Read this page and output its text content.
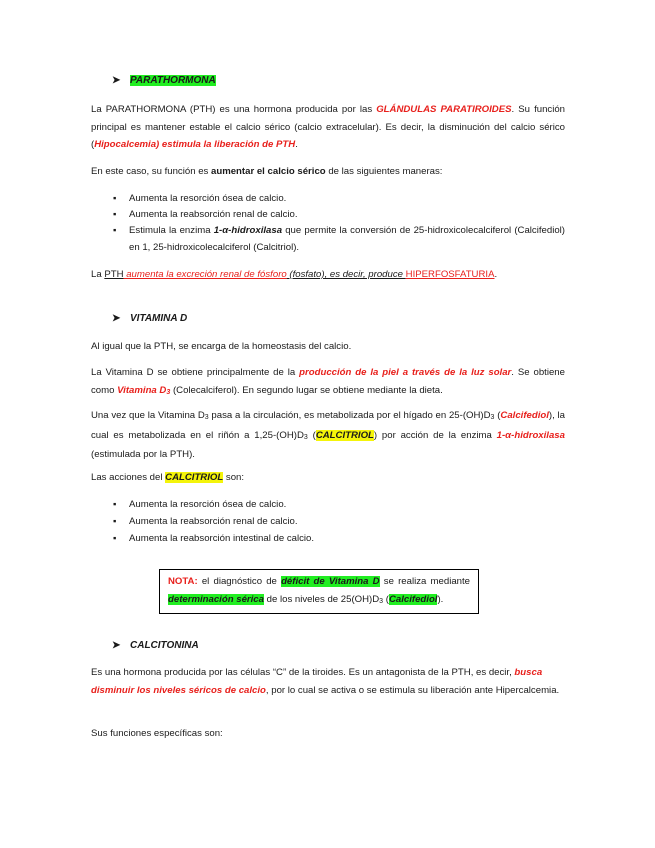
➤ PARATHORMONA
La PARATHORMONA (PTH) es una hormona producida por las GLÁNDULAS PARATIROIDES. Su función principal es mantener estable el calcio sérico (calcio extracelular). Es decir, la disminución del calcio sérico (Hipocalcemia) estimula la liberación de PTH.
En este caso, su función es aumentar el calcio sérico de las siguientes maneras:
▪ Aumenta la resorción ósea de calcio.
▪ Aumenta la reabsorción renal de calcio.
▪ Estimula la enzima 1-α-hidroxilasa que permite la conversión de 25-hidroxicolecalciferol (Calcifediol) en 1, 25-hidroxicolecalciferol (Calcitriol).
La PTH aumenta la excreción renal de fósforo (fosfato), es decir, produce HIPERFOSFATURIA.
➤ VITAMINA D
Al igual que la PTH, se encarga de la homeostasis del calcio.
La Vitamina D se obtiene principalmente de la producción de la piel a través de la luz solar. Se obtiene como Vitamina $D_3$ (Colecalciferol). En segundo lugar se obtiene mediante la dieta.
Una vez que la Vitamina $D_3$ pasa a la circulación, es metabolizada por el hígado en $25-(OH)D_3$ (Calcifediol), la cual es metabolizada en el riñón a $1,25-(OH)D_3$ (CALCITRIOL) por acción de la enzima 1-α-hidroxilasa (estimulada por la PTH).
Las acciones del CALCITRIOL son:
▪ Aumenta la resorción ósea de calcio.
▪ Aumenta la reabsorción renal de calcio.
▪ Aumenta la reabsorción intestinal de calcio.
NOTA: el diagnóstico de déficit de Vitamina D se realiza mediante determinación sérica de los niveles de $25(OH)D_3$ (Calcifediol).
➤ CALCITONINA
Es una hormona producida por las células “C” de la tiroides. Es un antagonista de la PTH, es decir, busca disminuir los niveles séricos de calcio, por lo cual se activa o se estimula su liberación ante Hipercalcemia.
Sus funciones específicas son:
